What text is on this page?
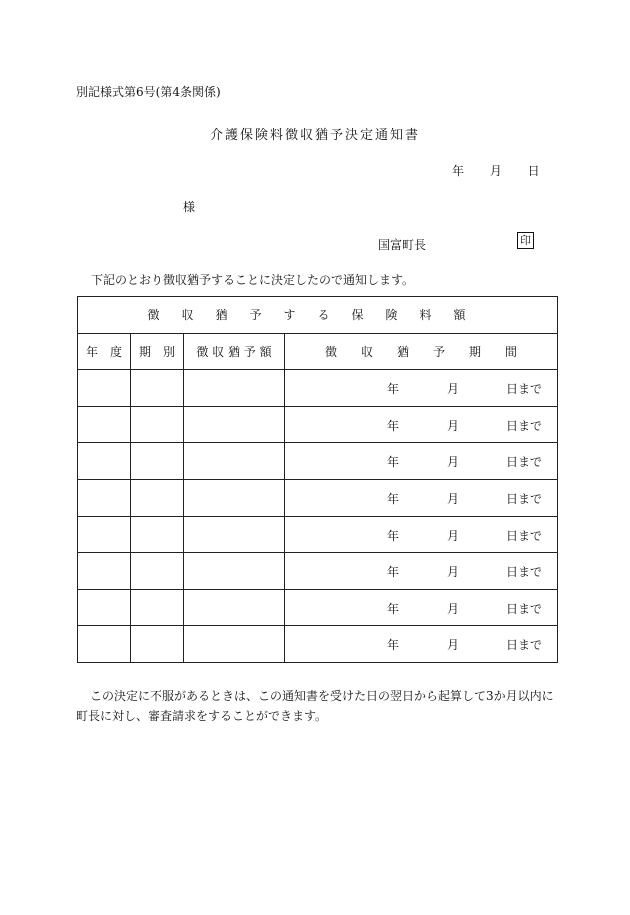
別記様式第6号(第4条関係)
介護保険料徴収猶予決定通知書
年 月 日
様
国富町長	印
下記のとおり徴収猶予することに決定したので通知します。
徴収猶予する保険料額			
年　度	期　別	徴 収 猶 予 額	徴　　収　　猶　　予　　期　　間

			年 月 日まで

			年 月 日まで

			年 月 日まで

			年 月 日まで

			年 月 日まで

			年 月 日まで

			年 月 日まで

			年 月 日まで
この決定に不服があるときは、この通知書を受けた日の翌日から起算して3か月以内に町長に対し、審査請求をすることができます。
